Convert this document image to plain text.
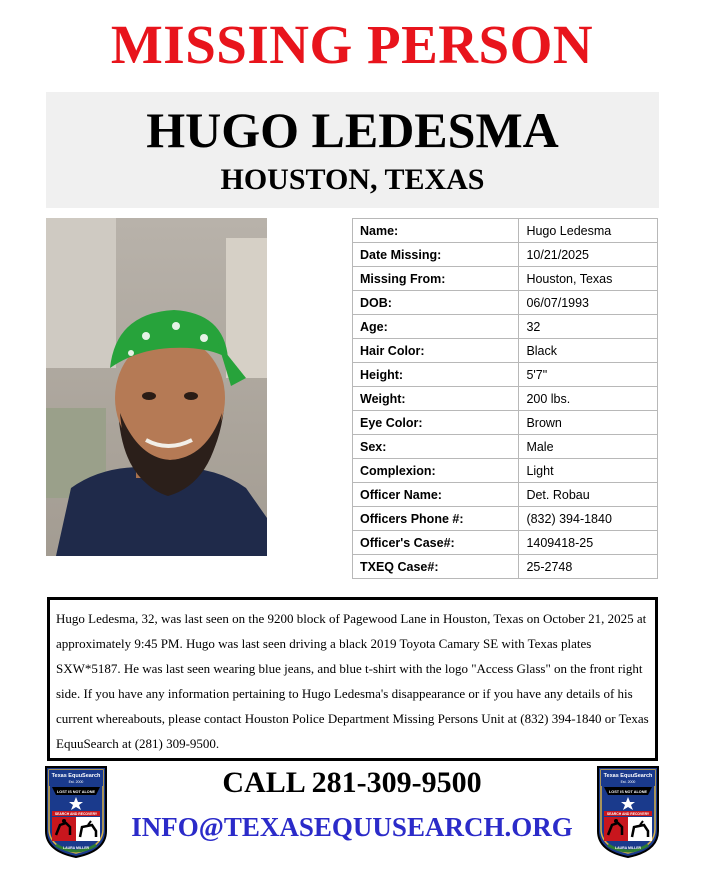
MISSING PERSON
HUGO LEDESMA
HOUSTON, TEXAS
Name:	Hugo Ledesma
Date Missing:	10/21/2025
Missing From:	Houston, Texas
DOB:	06/07/1993
Age:	32
Hair Color:	Black
Height:	5'7"
Weight:	200 lbs.
Eye Color:	Brown
Sex:	Male
Complexion:	Light
Officer Name:	Det. Robau
Officers Phone #:	(832) 394-1840
Officer's Case#:	1409418-25
TXEQ Case#:	25-2748

Hugo Ledesma, 32, was last seen on the 9200 block of Pagewood Lane in Houston, Texas on October 21, 2025 at approximately 9:45 PM. Hugo was last seen driving a black 2019 Toyota Camary SE with Texas plates SXW*5187. He was last seen wearing blue jeans, and blue t-shirt with the logo "Access Glass" on the front right side. If you have any information pertaining to Hugo Ledesma's disappearance or if you have any details of his current whereabouts, please contact Houston Police Department Missing Persons Unit at (832) 394-1840 or Texas EquuSearch at (281) 309-9500.

CALL 281-309-9500
INFO@TEXASEQUUSEARCH.ORG
Texas EquuSearch
Est. 2000
LOST IS NOT ALONE
SEARCH AND RECOVERY
LAURA MILLER
Texas EquuSearch
Est. 2000
LOST IS NOT ALONE
SEARCH AND RECOVERY
LAURA MILLER
